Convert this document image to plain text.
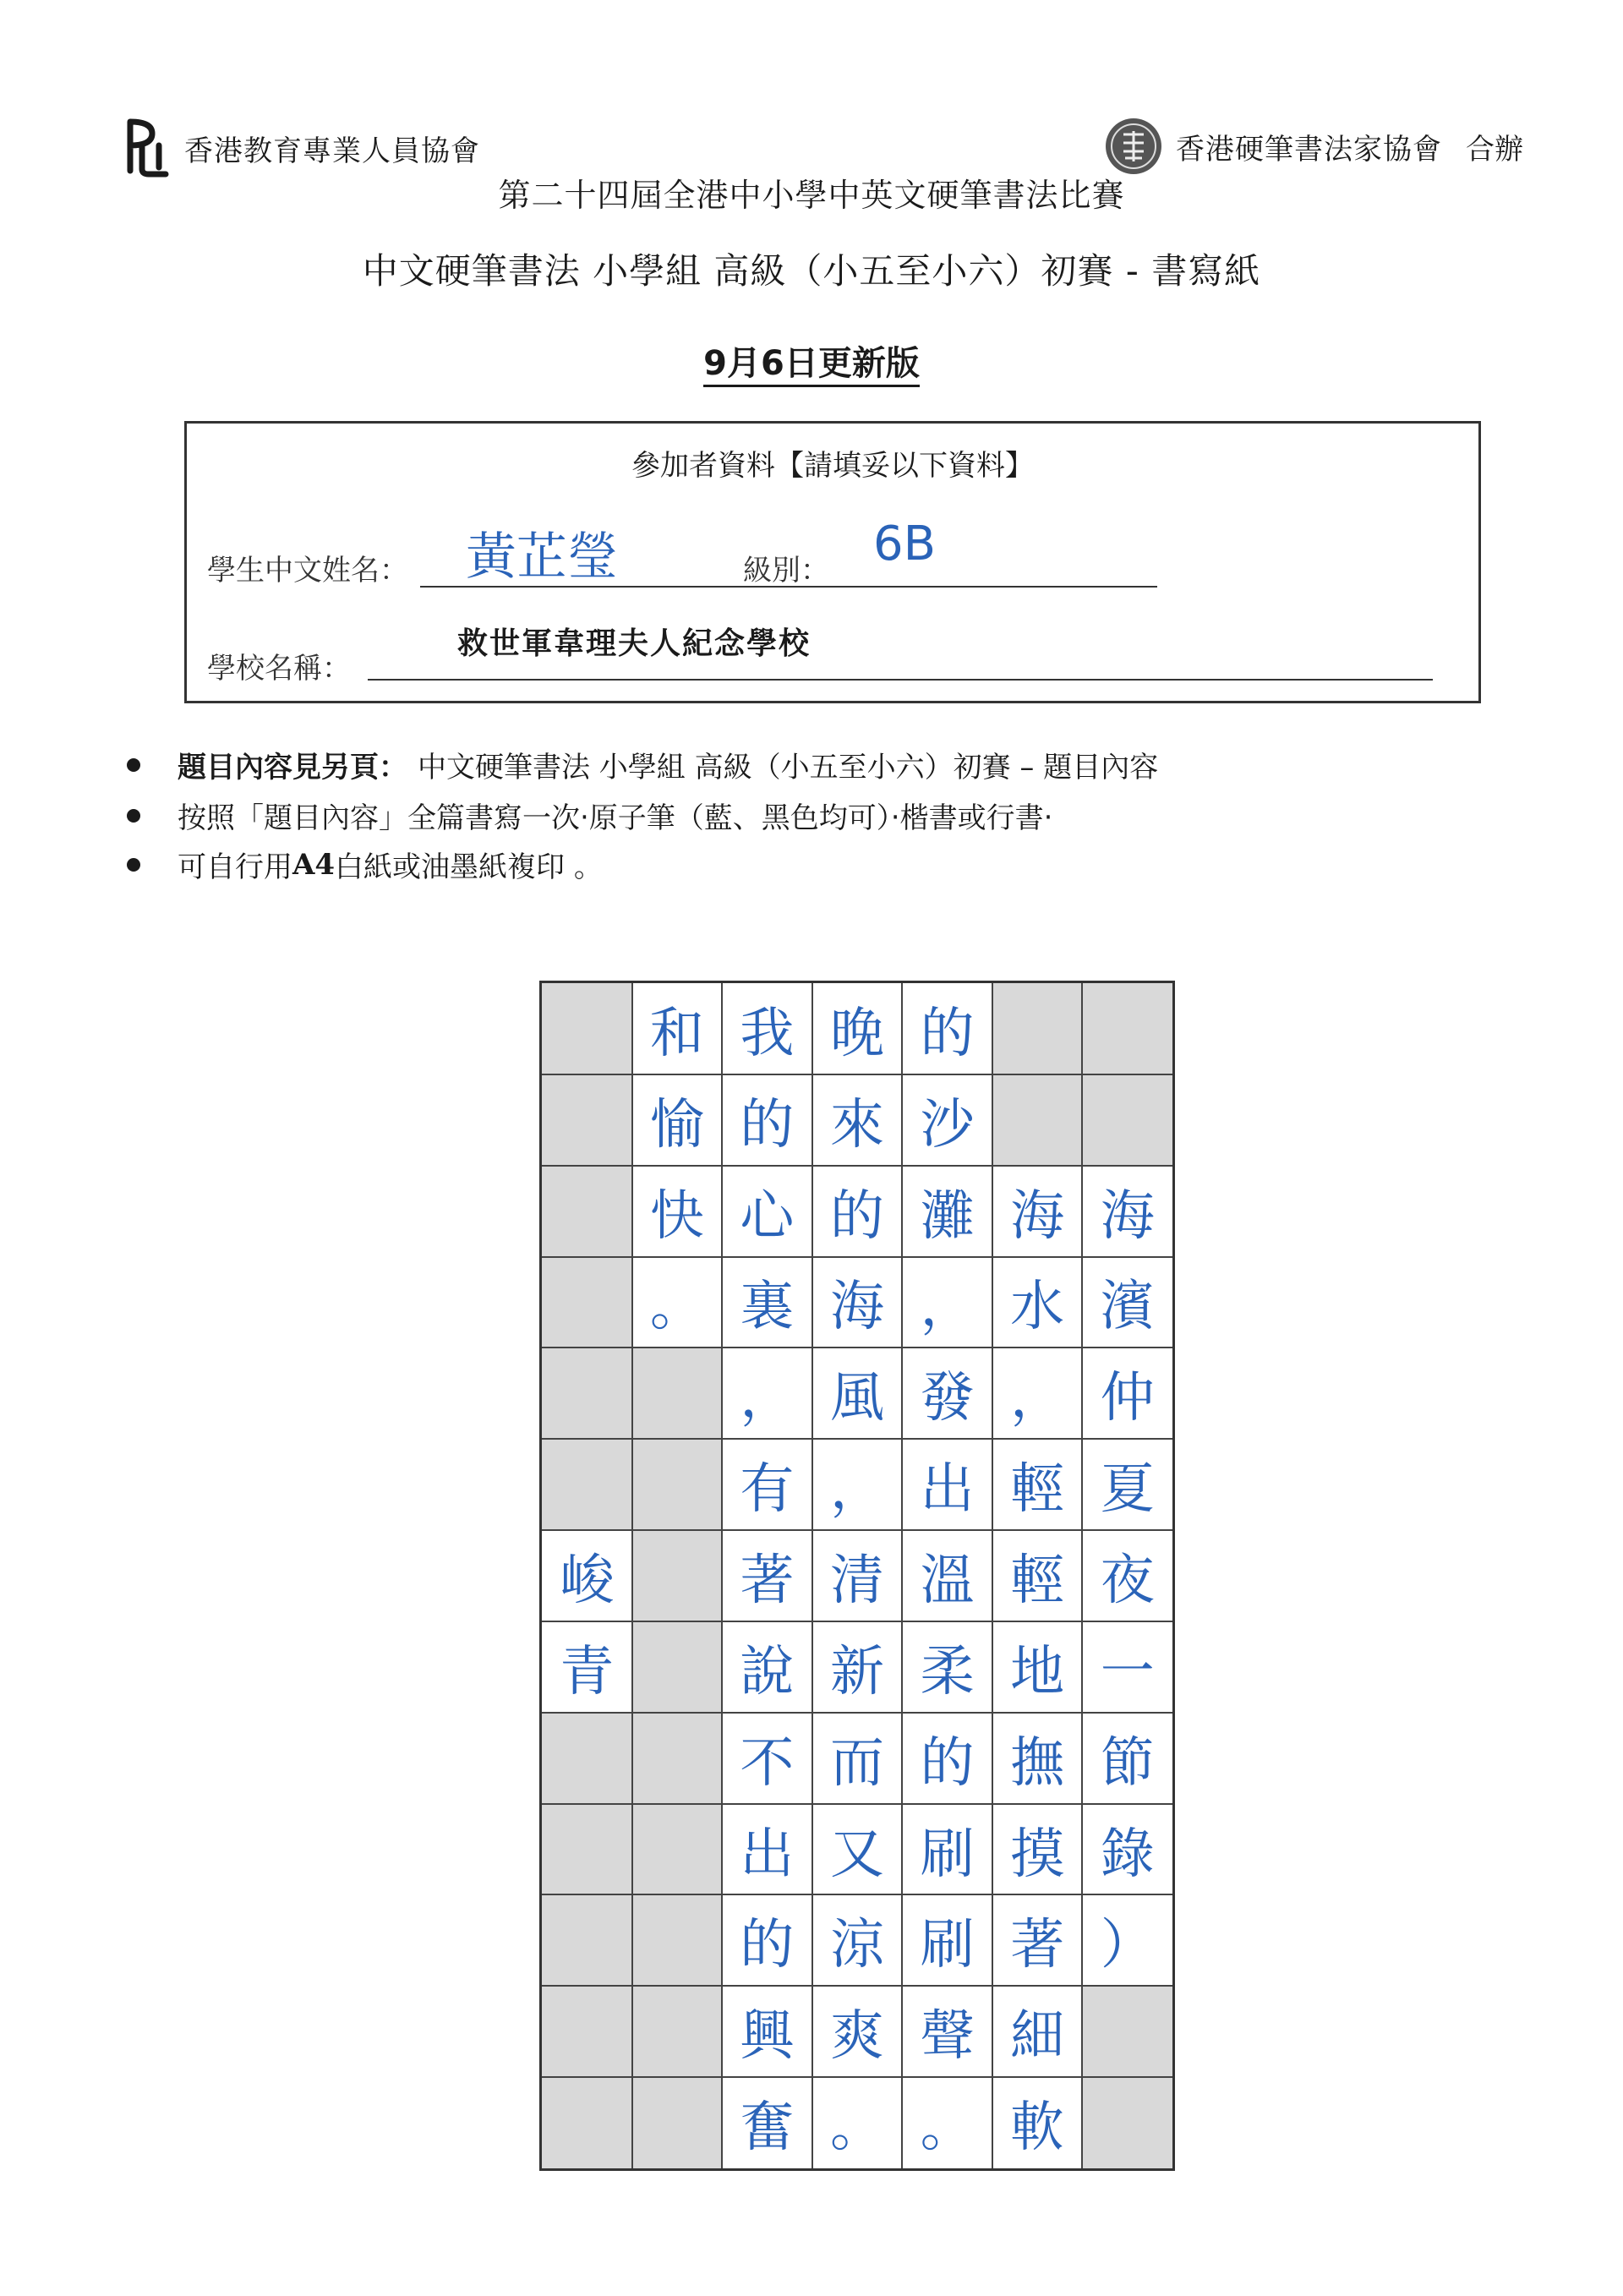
香港教育專業人員協會	香港硬筆書法家協會 合辦
第二十四屆全港中小學中英文硬筆書法比賽
中文硬筆書法 小學組 高級（小五至小六）初賽 - 書寫紙
9月6日更新版
參加者資料【請填妥以下資料】
學生中文姓名： 黃芷瑩	級別： 6B
學校名稱：
救世軍韋理夫人紀念學校
題目內容見另頁： 中文硬筆書法 小學組 高級（小五至小六）初賽 – 題目內容
按照「題目內容」全篇書寫一次‧原子筆（藍、黑色均可）‧楷書或行書‧
可自行用 A4 白紙或油墨紙複印 。
海
濱
仲
夏
夜
一
節
錄
）
海
水
，
輕
輕
地
撫
摸
著
細
軟
的
沙
灘
，
發
出
溫
柔
的
刷
刷
聲
。
晚
來
的
海
風
，
清
新
而
又
涼
爽
。
我
的
心
裏
，
有
著
說
不
出
的
興
奮
和
愉
快
。
峻
青
